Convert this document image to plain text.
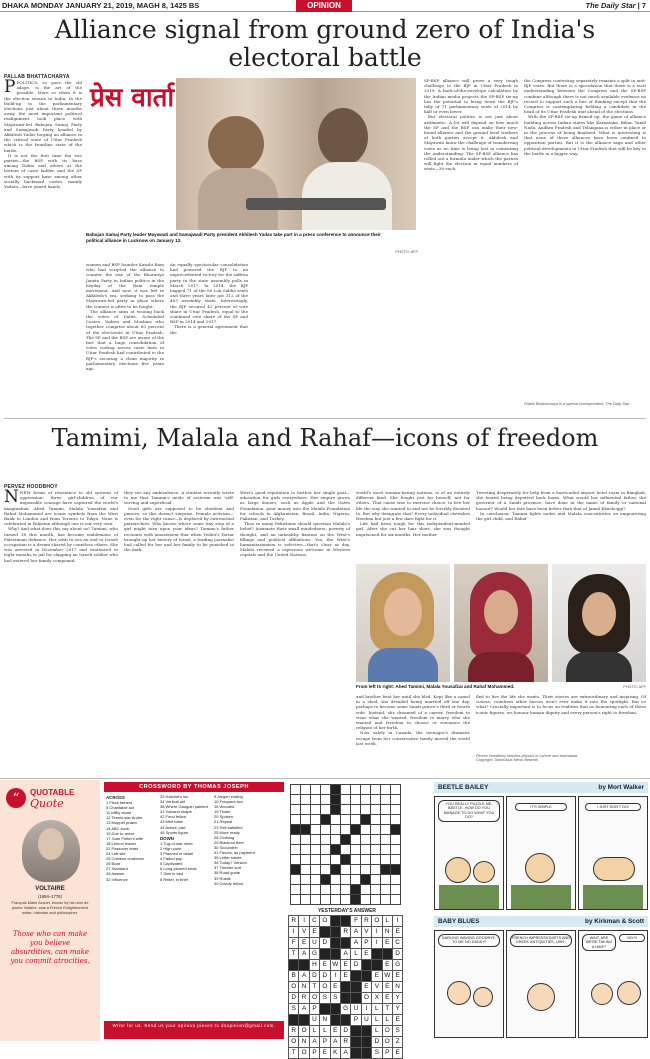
DHAKA MONDAY JANUARY 21, 2019, MAGH 8, 1425 BS	OPINION	The Daily Star | 7
Alliance signal from ground zero of India's electoral battle
PALLAB BHATTACHARYA

PPOLITICS, so goes the old adage, is the art of the possible. More so when it is the election season in India. In the build-up to the parliamentary elections just about three months away, the most important political realignment took place with Mayawati-led Bahujan Samaj Party and Samajwadi Party headed by Akhilesh Yadav forging an alliance in the critical state of Uttar Pradesh which is the frontline state of the battle.

It is not the first time the two parties—the BSP with its base among Dalits and others at the bottom of caste ladder, and the SP with its support base among other socially backward castes, mainly Yadavs—have joined hands.

प्रेस वार्ता
Bahujan Samaj Party leader Mayawati and Samajwadi Party president Akhilesh Yadav take part in a press conference to announce their political alliance in Lucknow on January 12.
PHOTO: AFP

women and BSP founder Kanshi Ram who had scripted the alliance to counter the rise of the Bharatiya Janata Party in Indian politics in the heyday of the Ram temple movement. And now, it was left in Akhilesh's era, seeking to pass the Mayawati-led party in place where the contest is often to be fought.

The alliance aims at wooing back the votes of Dalits, Scheduled Castes, Yadavs and Muslims who together comprise about 60 percent of the electorate in Uttar Pradesh. The SP and the BSP are aware of the fact that a huge consolidation of votes cutting across caste lines in Uttar Pradesh had contributed to the BJP's securing a clean majority in parliamentary elections five years ago.

An equally spectacular consolidation had powered the BJP to an unprecedented victory for the saffron party in the state assembly polls in March 2017. In 2014, the BJP bagged 71 of the 80 Lok Sabha seats and three years later got 312 of the 403 assembly seats. Interestingly, the BJP secured 42 percent of vote share in Uttar Pradesh, equal to the combined vote share of the SP and BSP in 2014 and 2017.

There is a general agreement that the

SP-BSP alliance will prove a very tough challenge to the BJP in Uttar Pradesh in 2019. A back-of-the-envelope calculation by the Indian media projects the SP-BSP tie-up has the potential to bring down the BJP's tally of 71 parliamentary seats of 2014 by half or even lower.

But electoral politics is not just about arithmetic. A lot will depend on how much the SP and the BSP can make their new-found alliance and the ground level workers of both parties accept it. Akhilesh and Mayawati know the challenge of transferring votes as no time is being lost in cementing the understanding. The SP-BSP alliance has rolled out a formula under which the parties will fight the election in equal numbers of seats—38 each.

the Congress contesting separately remains a split in anti-BJP votes. But there is a speculation that there is a tacit understanding between the Congress and the SP-BSP combine although there is not much available evidence on record to support such a line of thinking except that the Congress is contemplating fielding a candidate in the head of its Uttar Pradesh unit ahead of the elections.

With the SP-BSP tie-up firmed up, the game of alliance building across Indian states like Karnataka, Bihar, Tamil Nadu, Andhra Pradesh and Telangana is either in place or in the process of being finalised. What is interesting is that none of these alliances have been confined to opposition parties. But it is the alliance saga and other political developments in Uttar Pradesh that will be key to the battle in a bigger way.

Pallab Bhattacharya is a special correspondent, The Daily Star.
Tamimi, Malala and Rahaf—icons of freedom
PERVEZ HOODBHOY

NNEW forms of resistance to old systems of oppression: three girl-children of our impossible courage have captured the world's imagination. Ahed Tamimi, Malala Yousafzai and Rahaf Mohammed are iconic symbols from the West Bank to London and from Toronto to Tokyo. None is celebrated in Pakistan although one is our very own.

Why? And what does this say about us? Tamimi, who turned 18 this month, has become emblematic of Palestinian defiance. Her wish to see an end to Israeli occupation is a dream shared by countless others. She was arrested in December 2017 and sentenced to eight months in jail for slapping an Israeli soldier who had entered her family compound.

they see any ambivalence. A student recently wrote to me that Tamimi's mode of activism was 'self-serving and superficial'.

Good girls are supposed to be obedient and passive, so this doesn't surprise. Female activism—even for the right cause—is deplored by entrenched patriarchies. Who knows where some tiny step of a girl might turn upon your ideas? Tamimi's father recounts with amusement that when Yediot's Tartar brought up her history of Israel, a leading journalist had called for her and her family to be punished in the dark.

West's good reputation to further her single goal—education for girls everywhere. Her empire grows as large donors, such as Apple and the Gates Foundation, pour money into the Malala Foundation for schools in Afghanistan, Brazil, India, Nigeria, Pakistan, and Turkey.

Thus so many Pakistanis should question Malala's belief? Insinuate their small mindedness, poverty of thought, and an unhealthy fixation on the West's fillings and political affiliations. Yes, the West's humanitarianism is selective—that's clear as day. Malala received a rapturous welcome in Western capitals and the United Nations.

world's most woman-hating nations, is of an entirely different kind. She fought just for herself, not for others. That cause was to exercise choice, to live her life the way she wanted to and not be forcibly dictated to. But why denigrate that? Every individual cherishes freedom but just a few dare fight for it.

Life had been tough for this independent-minded girl. After she cut her hair short, she was thought imprisoned for six months. Her mother

Tweeting desperately for help from a barricaded airport hotel room in Bangkok, she feared being deported back home. What would her influential father, the governor of a Saudi province, have done in the name of family or national honour? Would her fate have been better than that of Jamal Khashoggi?

In conclusion: Tamimi lights nodes and Malala concentrates on empowering the girl child, and Rahaf

From left to right: Ahed Tamimi, Malala Yousafzai and Rahaf Mohammed.	PHOTO: AFP

and brother beat her until she bled. Kept like a camel in a shed, she dreaded being married off one day, perhaps to become some Saudi prince's third or fourth wife. Instead, she dreamed of a career, freedom to wear what she wanted, freedom to marry who she wanted and freedom to choose or renounce the religion of her birth.

Now safely in Canada, the teenager's dramatic escape from her conservative family moved the world last week.

fled to live the life she wants. Their stories are extraordinary and inspiring. Of course, countless other heroes won't ever make it into the spotlight. But so what? Crucially important is to focus on realities that as honouring each of these iconic figures, we honour human dignity and every person's right to freedom.

Pervez Hoodbhoy teaches physics in Lahore and Islamabad.
Copyright: Dawn/Asia News Network
“	QUOTABLE
Quote
VOLTAIRE
(1694–1778)
François-Marie Arouet, known by his nom de plume Voltaire, was a French Enlightenment writer, historian and philosopher.
Those who can make you believe absurdities, can make you commit atrocities.
CROSSWORD BY THOMAS JOSEPH
ACROSS
1 Flock fathers
5 Charitable act
11 Milky stone
12 Tennis star Andre
13 Muppet prawn
14 ABC book
15 Due to arrive
17 Joan Potter's wife
18 Lemon leader
22 Passover feast
24 Loft site
25 Chinese chairman
26 Boat
27 Standard
28 Answer
32 Influence
33 Hatchet's kin
34 Vertical aid
38 Where Gauguin painted
41 Volcano shape
42 Fond fellow
43 Melt base
44 Actors' part
45 Sports figure
DOWN
1 Tug-of-war need
2 High point
3 Planned in detail
4 Faded pup
5 Captivated
6 Long-plumed birds
7 Sink in bed
8 Relief, in brief
9 Jargon ending
10 Frequent two
16 Wooded
19 Tinder
20 Spoken
21 Repeal
23 Self-satisfied
25 More ready
26 Clothing
29 Blackout thief
30 Scoundrel
31 Favors, as payment
35 Letter salute
36 Today? Version
37 Theater sort
38 Road guide
39 Rustle
40 Grizzly fellow

YESTERDAY'S ANSWER
R	I	C	O			F	R	O	L	I
I	V	E			R	A	V	I	N	E
F	E	U	D			A	P	I	E	C
T	A	G			A	L	E			D
		H	E	W	E	D			E	G
B	A	D	D	I	E			E	W	E
O	N	T	O	E			E	V	E	N
D	R	O	S	S			O	X	E	Y
S	A	P			G	U	I	L	T	Y
		U	N			P	U	L	L	E
R	O	L	L	E	D			L	O	S
O	N	A	P	A	R			D	O	Z
T	O	P	E	K	A			S	P	E
Write for us. Send us your opinion pieces to dsopinion@gmail.com.
BEETLE BAILEY	by Mort Walker
YOU REALLY PUZZLE ME, BEETLE. HOW DO YOU MANAGE TO DO WHAT YOU DO?
IT'S SIMPLE	I JUST DON'T DO!
BABY BLUES	by Kirkman & Scott
DARLING WAVING GOODBYE, TO ME NO DADDY!
FRENCH IMPRESSIONISTS AND GREEK ANTIQUITIES, UHH..
WAIT, ARE WE'RE TAKING A HIKE?
YAYY!
